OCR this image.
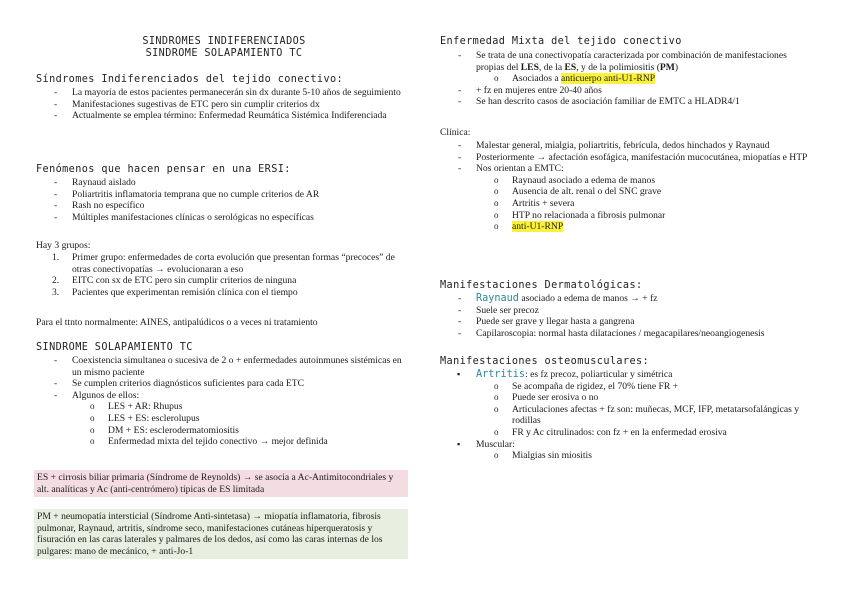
SINDROMES INDIFERENCIADOS
SINDROME SOLAPAMIENTO TC
Síndromes Indiferenciados del tejido conectivo:
- La mayoría de estos pacientes permanecerán sin dx durante 5-10 años de seguimiento
- Manifestaciones sugestivas de ETC pero sin cumplir criterios dx
- Actualmente se emplea término: Enfermedad Reumática Sistémica Indiferenciada
Fenómenos que hacen pensar en una ERSI:
- Raynaud aislado
- Poliartritis inflamatoria temprana que no cumple criterios de AR
- Rash no específico
- Múltiples manifestaciones clínicas o serológicas no específicas
Hay 3 grupos:
1. Primer grupo: enfermedades de corta evolución que presentan formas “precoces” de otras conectivopatías → evolucionaran a eso
2. EITC con sx de ETC pero sin cumplir criterios de ninguna
3. Pacientes que experimentan remisión clínica con el tiempo
Para el ttnto normalmente: AINES, antipalúdicos o a veces ni tratamiento
SINDROME SOLAPAMIENTO TC
- Coexistencia simultanea o sucesiva de 2 o + enfermedades autoinmunes sistémicas en un mismo paciente
- Se cumplen criterios diagnósticos suficientes para cada ETC
- Algunos de ellos:
o LES + AR: Rhupus
o LES + ES: esclerolupus
o DM + ES: esclerodermatomiositis
o Enfermedad mixta del tejido conectivo → mejor definida
ES + cirrosis biliar primaria (Síndrome de Reynolds) → se asocia a Ac-Antimitocondriales y alt. analíticas y Ac (anti-centrómero) típicas de ES limitada
PM + neumopatía intersticial (Síndrome Anti-sintetasa) → miopatía inflamatoria, fibrosis pulmonar, Raynaud, artritis, síndrome seco, manifestaciones cutáneas hiperqueratosis y fisuración en las caras laterales y palmares de los dedos, así como las caras internas de los pulgares: mano de mecánico, + anti-Jo-1
Enfermedad Mixta del tejido conectivo
- Se trata de una conectivopatía caracterizada por combinación de manifestaciones propias del LES, de la ES, y de la polimiositis (PM)
o Asociados a anticuerpo anti-U1-RNP
- + fz en mujeres entre 20-40 años
- Se han descrito casos de asociación familiar de EMTC a HLADR4/1
Clínica:
- Malestar general, mialgia, poliartritis, febrícula, dedos hinchados y Raynaud
- Posteriormente → afectación esofágica, manifestación mucocutánea, miopatías e HTP
- Nos orientan a EMTC:
o Raynaud asociado a edema de manos
o Ausencia de alt. renal o del SNC grave
o Artritis + severa
o HTP no relacionada a fibrosis pulmonar
o anti-U1-RNP
Manifestaciones Dermatológicas:
- Raynaud asociado a edema de manos → + fz
- Suele ser precoz
- Puede ser grave y llegar hasta a gangrena
- Capilaroscopia: normal hasta dilataciones / megacapilares/neoangiogenesis
Manifestaciones osteomusculares:
▪ Artritis: es fz precoz, poliarticular y simétrica
o Se acompaña de rigidez, el 70% tiene FR +
o Puede ser erosiva o no
o Articulaciones afectas + fz son: muñecas, MCF, IFP, metatarsofalángicas y rodillas
o FR y Ac citrulinados: con fz + en la enfermedad erosiva
▪ Muscular:
o Mialgias sin miositis
